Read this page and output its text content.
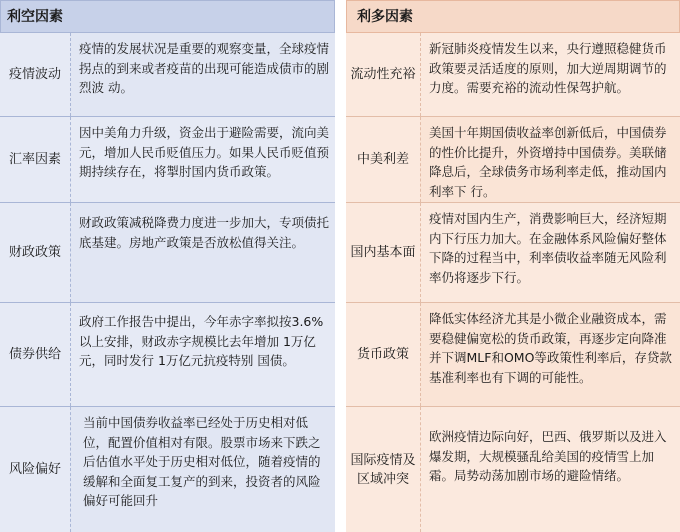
利空因素
疫情波动
疫情的发展状况是重要的观察变量，全球疫情拐点的到来或者疫苗的出现可能造成债市的剧烈波 动。
汇率因素
因中美角力升级，资金出于避险需要，流向美元，增加人民币贬值压力。如果人民币贬值预期持续存在，将掣肘国内货币政策。
财政政策
财政政策减税降费力度进一步加大，专项债托底基建。房地产政策是否放松值得关注。
债券供给
政府工作报告中提出，今年赤字率拟按3.6%以上安排，财政赤字规模比去年增加 1万亿元，同时发行 1万亿元抗疫特别 国债。
风险偏好
当前中国债券收益率已经处于历史相对低位，配置价值相对有限。股票市场来下跌之后估值水平处于历史相对低位，随着疫情的缓解和全面复工复产的到来，投资者的风险偏好可能回升
利多因素
流动性充裕
新冠肺炎疫情发生以来，央行遵照稳健货币政策要灵活适度的原则，加大逆周期调节的力度。需要充裕的流动性保驾护航。
中美利差
美国十年期国债收益率创新低后，中国债券的性价比提升，外资增持中国债券。美联储降息后，全球债务市场利率走低，推动国内利率下 行。
国内基本面
疫情对国内生产，消费影响巨大，经济短期内下行压力加大。在金融体系风险偏好整体下降的过程当中，利率债收益率随无风险利 率仍将逐步下行。
货币政策
降低实体经济尤其是小微企业融资成本，需要稳健偏宽松的货币政策，再逐步定向降准并下调MLF和OMO等政策性利率后，存贷款基准利率也有下调的可能性。
国际疫情及区域冲突
欧洲疫情边际向好，巴西、俄罗斯以及进入爆发期，大规模骚乱给美国的疫情雪上加霜。局势动荡加剧市场的避险情绪。
